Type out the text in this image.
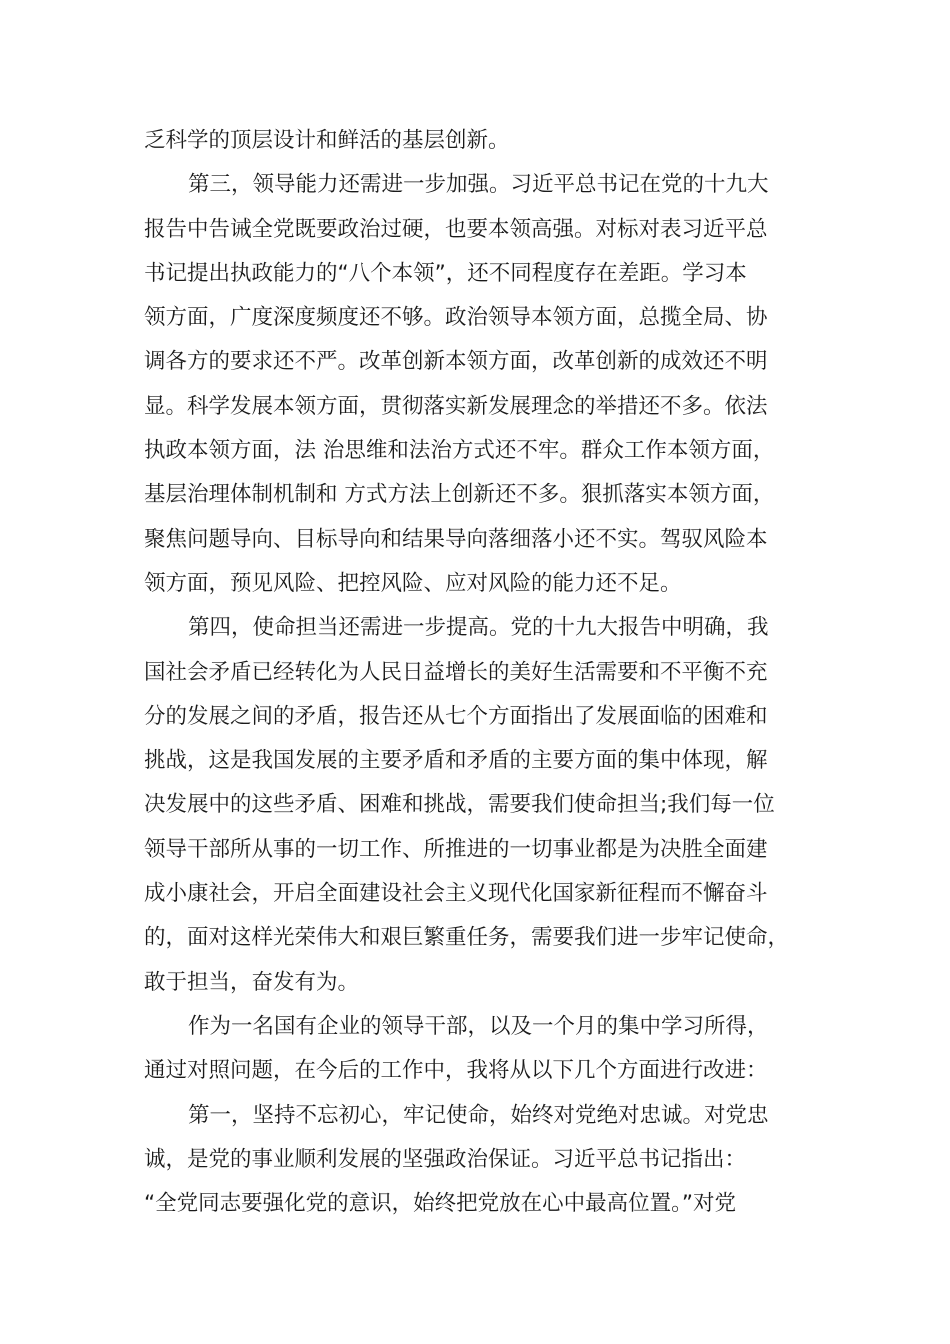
乏科学的顶层设计和鲜活的基层创新。
第三，领导能力还需进一步加强。习近平总书记在党的十九大
报告中告诫全党既要政治过硬，也要本领高强。对标对表习近平总
书记提出执政能力的“八个本领”，还不同程度存在差距。学习本
领方面，广度深度频度还不够。政治领导本领方面，总揽全局、协
调各方的要求还不严。改革创新本领方面，改革创新的成效还不明
显。科学发展本领方面，贯彻落实新发展理念的举措还不多。依法
执政本领方面，法 治思维和法治方式还不牢。群众工作本领方面，
基层治理体制机制和 方式方法上创新还不多。狠抓落实本领方面，
聚焦问题导向、目标导向和结果导向落细落小还不实。驾驭风险本
领方面，预见风险、把控风险、应对风险的能力还不足。
第四，使命担当还需进一步提高。党的十九大报告中明确，我
国社会矛盾已经转化为人民日益增长的美好生活需要和不平衡不充
分的发展之间的矛盾，报告还从七个方面指出了发展面临的困难和
挑战，这是我国发展的主要矛盾和矛盾的主要方面的集中体现，解
决发展中的这些矛盾、困难和挑战，需要我们使命担当;我们每一位
领导干部所从事的一切工作、所推进的一切事业都是为决胜全面建
成小康社会，开启全面建设社会主义现代化国家新征程而不懈奋斗
的，面对这样光荣伟大和艰巨繁重任务，需要我们进一步牢记使命，
敢于担当，奋发有为。
作为一名国有企业的领导干部，以及一个月的集中学习所得，
通过对照问题，在今后的工作中，我将从以下几个方面进行改进：
第一，坚持不忘初心，牢记使命，始终对党绝对忠诚。对党忠
诚，是党的事业顺利发展的坚强政治保证。习近平总书记指出：
“全党同志要强化党的意识，始终把党放在心中最高位置。”对党
